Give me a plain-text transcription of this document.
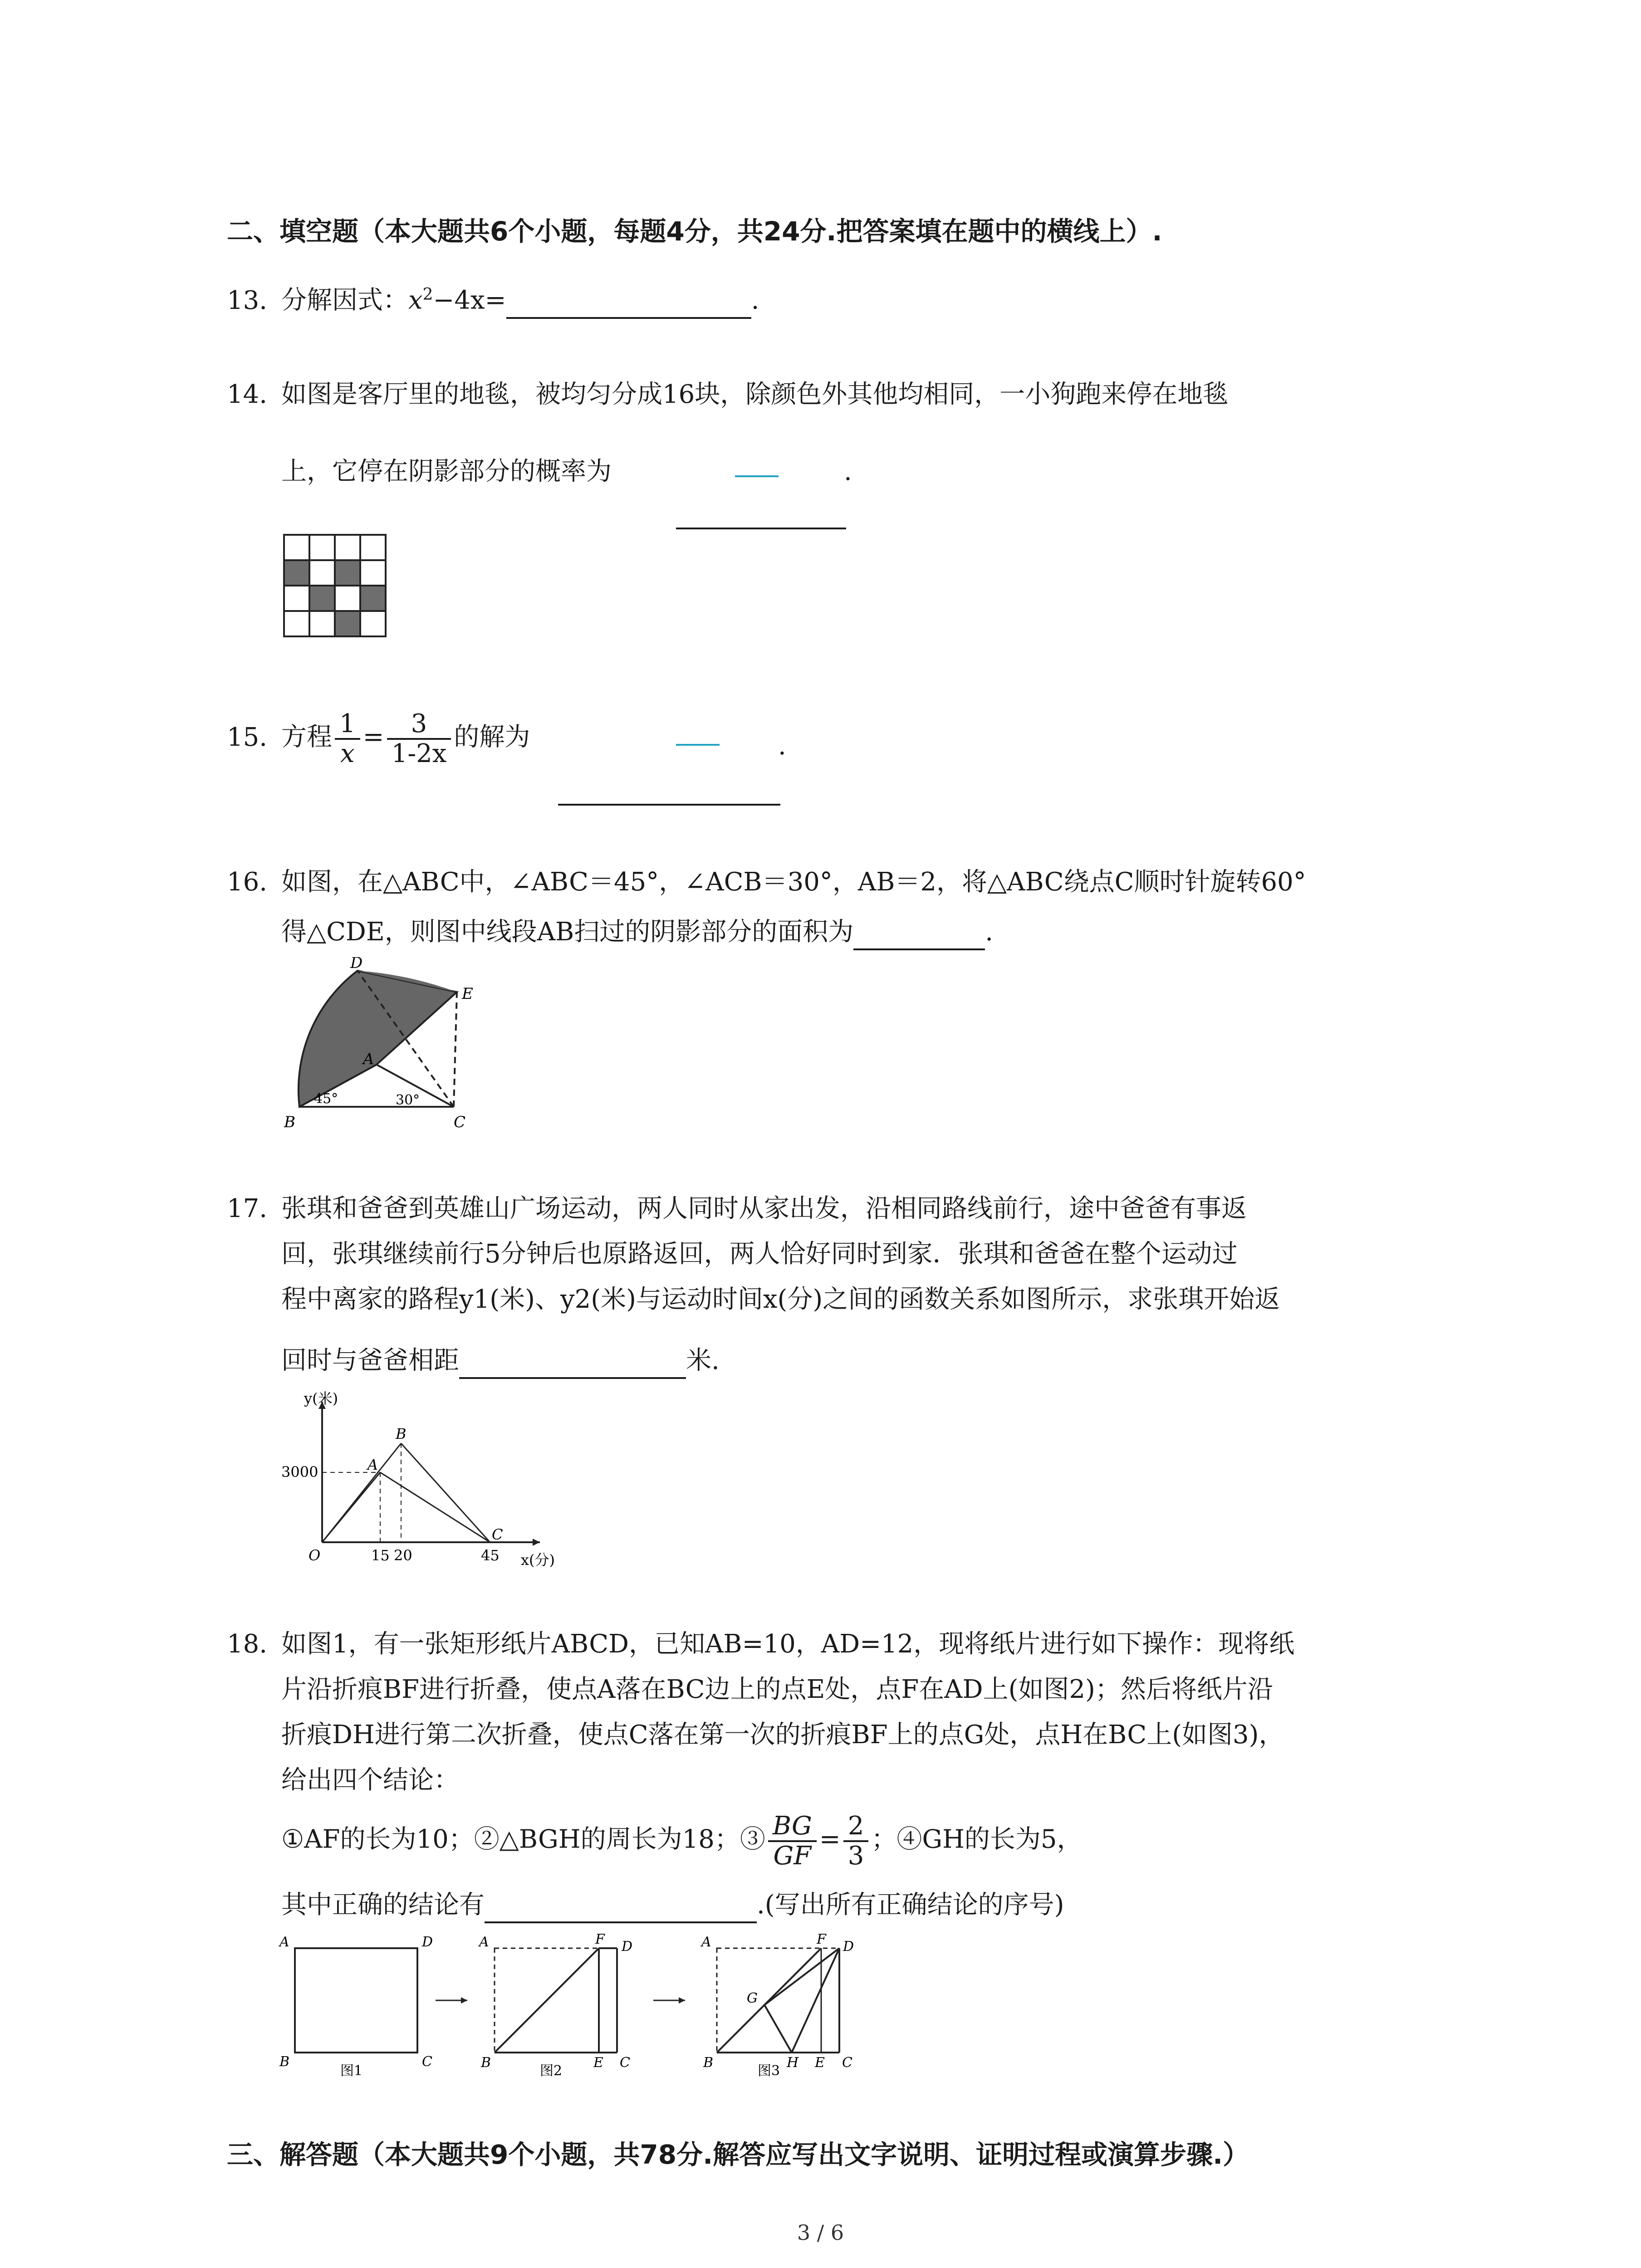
二、填空题（本大题共6个小题，每题4分，共24分.把答案填在题中的横线上）.
13. 分解因式：$x^2-4x=$	.
14. 如图是客厅里的地毯，被均匀分成16块，除颜色外其他均相同，一小狗跑来停在地毯
上，它停在阴影部分的概率为	.
15. 方程 $\frac{1}{x} = \frac{3}{1-2x}$ 的解为	.
16. 如图，在△ABC中，∠ABC＝45°，∠ACB＝30°，AB＝2，将△ABC绕点C顺时针旋转60°
得△CDE，则图中线段AB扫过的阴影部分的面积为	.
D
E
A
B	C
45°	30°
17. 张琪和爸爸到英雄山广场运动，两人同时从家出发，沿相同路线前行，途中爸爸有事返
回，张琪继续前行5分钟后也原路返回，两人恰好同时到家．张琪和爸爸在整个运动过
程中离家的路程y1(米)、y2(米)与运动时间x(分)之间的函数关系如图所示，求张琪开始返
回时与爸爸相距	米.
y(米)
x(分)
3000
15 20	45
O
A
B
C
18. 如图1，有一张矩形纸片ABCD，已知AB=10，AD=12，现将纸片进行如下操作：现将纸
片沿折痕BF进行折叠，使点A落在BC边上的点E处，点F在AD上(如图2)；然后将纸片沿
折痕DH进行第二次折叠，使点C落在第一次的折痕BF上的点G处，点H在BC上(如图3)，
给出四个结论：
①AF的长为10；②△BGH的周长为18；③ $\frac{BG}{GF} = \frac{2}{3}$ ；④GH的长为5，
其中正确的结论有	.(写出所有正确结论的序号)
A	D
B	C
图1
A	F D
B	E C
图2
A	F D
G
B	H E C
图3
三、解答题（本大题共9个小题，共78分.解答应写出文字说明、证明过程或演算步骤.）
3 / 6
